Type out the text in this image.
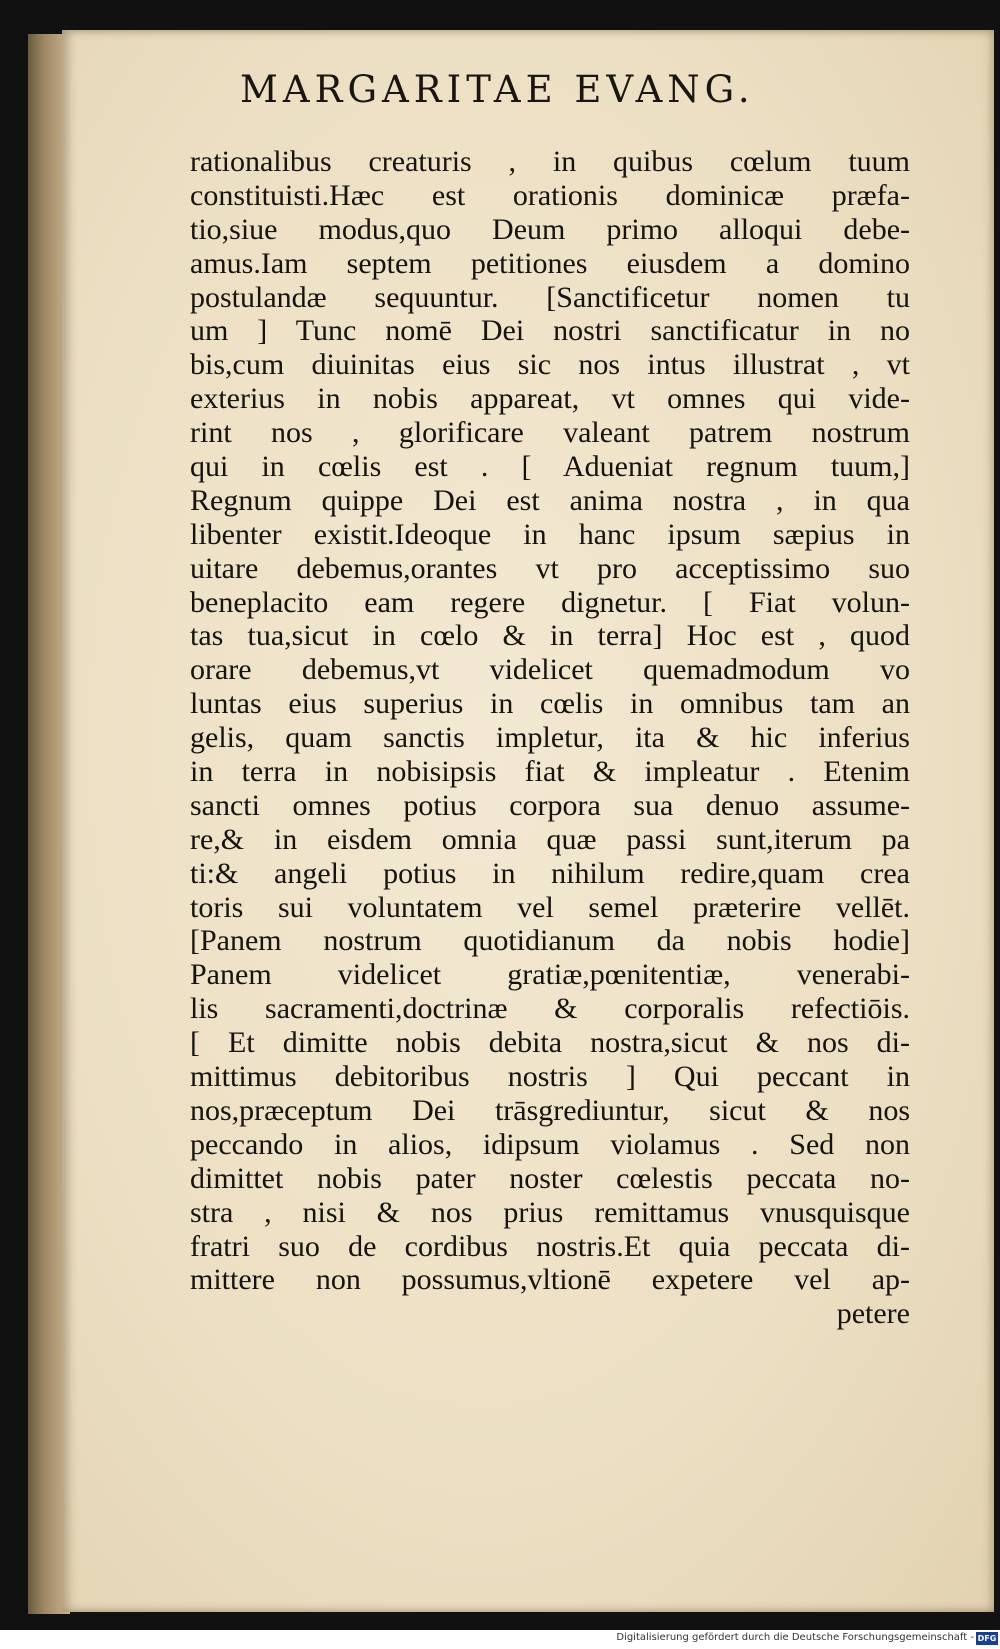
MARGARITAE EVANG.
rationalibus creaturis , in quibus cœlum tuum
constituisti.Hæc est orationis dominicæ præfa-
tio,siue modus,quo Deum primo alloqui debe-
amus.Iam septem petitiones eiusdem a domino
postulandæ sequuntur. [Sanctificetur nomen tu
um ] Tunc nomē Dei nostri sanctificatur in no
bis,cum diuinitas eius sic nos intus illustrat , vt
exterius in nobis appareat, vt omnes qui vide-
rint nos , glorificare valeant patrem nostrum
qui in cœlis est . [ Adueniat regnum tuum,]
Regnum quippe Dei est anima nostra , in qua
libenter existit.Ideoque in hanc ipsum sæpius in
uitare debemus,orantes vt pro acceptissimo suo
beneplacito eam regere dignetur. [ Fiat volun-
tas tua,sicut in cœlo & in terra] Hoc est , quod
orare debemus,vt videlicet quemadmodum vo
luntas eius superius in cœlis in omnibus tam an
gelis, quam sanctis impletur, ita & hic inferius
in terra in nobisipsis fiat & impleatur . Etenim
sancti omnes potius corpora sua denuo assume-
re,& in eisdem omnia quæ passi sunt,iterum pa
ti:& angeli potius in nihilum redire,quam crea
toris sui voluntatem vel semel præterire vellēt.
[Panem nostrum quotidianum da nobis hodie]
Panem videlicet gratiæ,pœnitentiæ, venerabi-
lis sacramenti,doctrinæ & corporalis refectiōis.
[ Et dimitte nobis debita nostra,sicut & nos di-
mittimus debitoribus nostris ] Qui peccant in
nos,præceptum Dei trāsgrediuntur, sicut & nos
peccando in alios, idipsum violamus . Sed non
dimittet nobis pater noster cœlestis peccata no-
stra , nisi & nos prius remittamus vnusquisque
fratri suo de cordibus nostris.Et quia peccata di-
mittere non possumus,vltionē expetere vel ap-
petere
Digitalisierung gefördert durch die Deutsche Forschungsgemeinschaft - DFG
